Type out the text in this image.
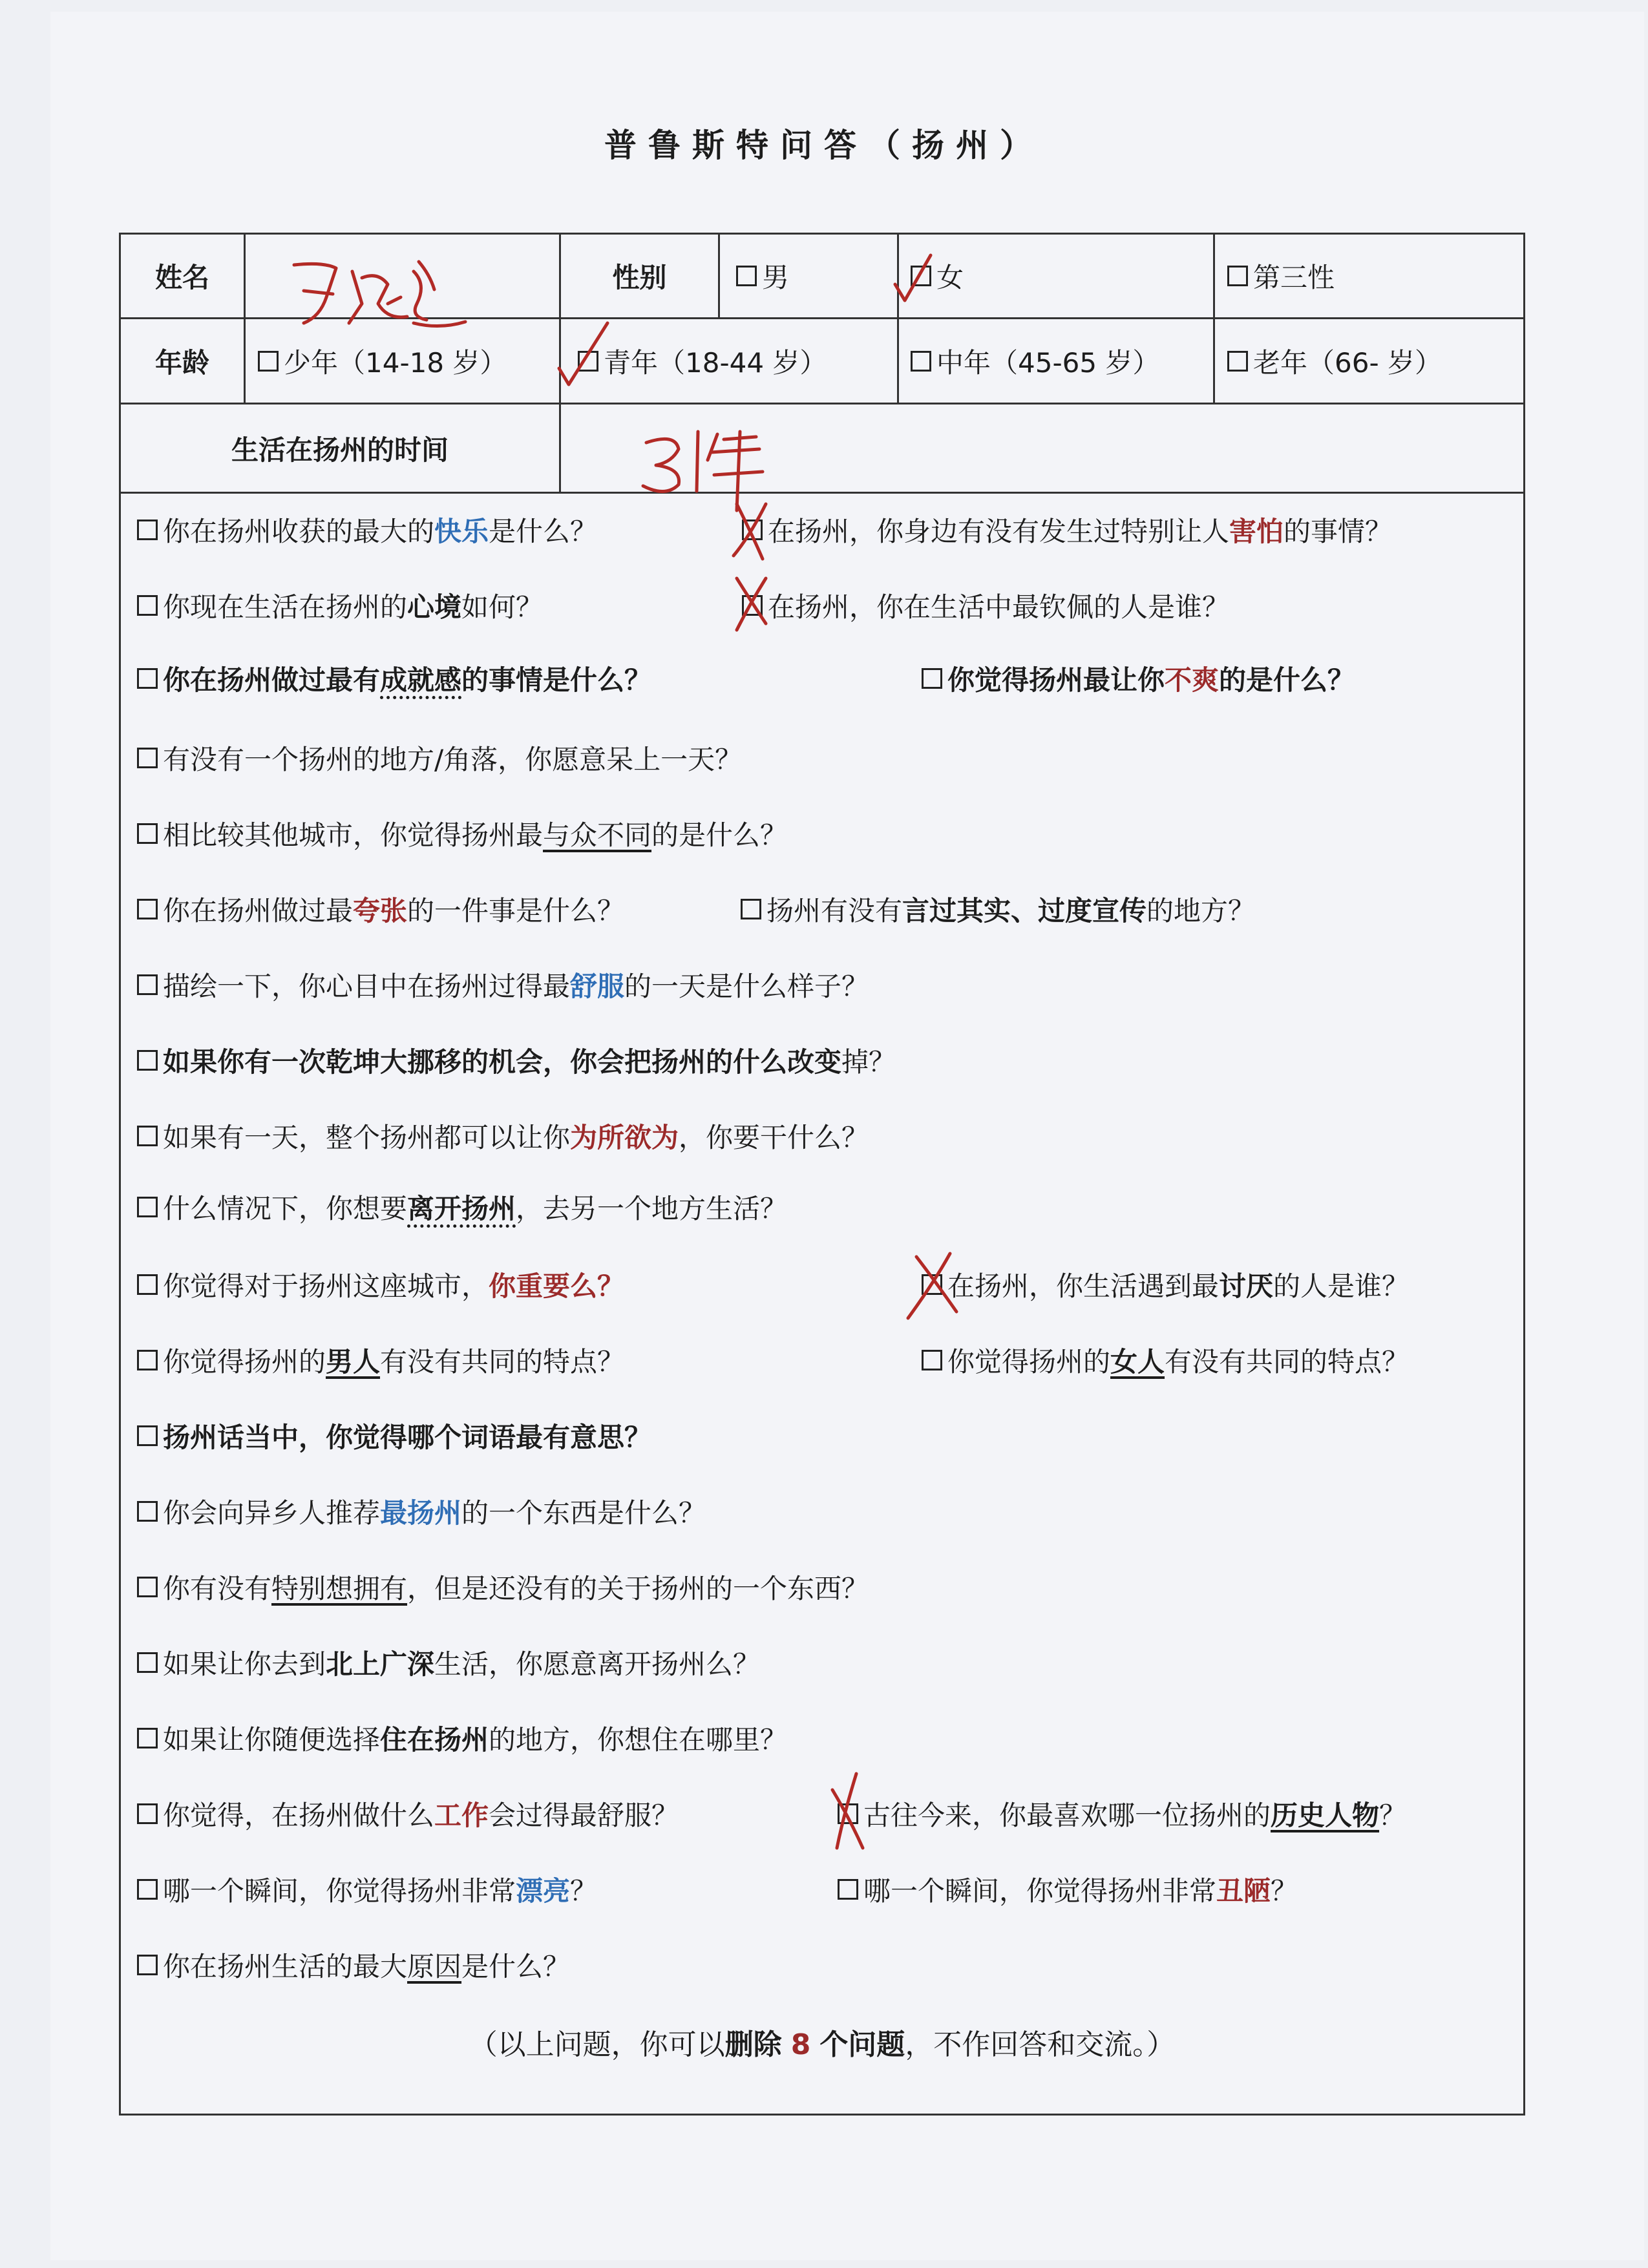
普鲁斯特问答（扬州）
姓名	性别	男	女	第三性
年龄	少年（14-18 岁）	青年（18-44 岁）	中年（45-65 岁）	老年（66- 岁）
生活在扬州的时间
你在扬州收获的最大的 快乐 是什么？	在扬州，你身边有没有发生过特别让人 害怕 的事情？
你现在生活在扬州的 心境 如何？	在扬州，你在生活中最钦佩的人是谁？
你在扬州做过最有 成就感 的事情是什么？	你觉得扬州最让你 不爽 的是什么？
有没有一个扬州的地方/角落，你愿意呆上一天？
相比较其他城市，你觉得扬州最 与众不同 的是什么？
你在扬州做过最 夸张 的一件事是什么？	扬州有没有 言过其实、过度宣传 的地方？
描绘一下，你心目中在扬州过得最 舒服 的一天是什么样子？
如果你有一次乾坤大挪移的机会，你会把扬州的什么 改变 掉？
如果有一天，整个扬州都可以让你 为所欲为 ，你要干什么？
什么情况下，你想要 离开扬州 ，去另一个地方生活？
你觉得对于扬州这座城市， 你重要么？	在扬州，你生活遇到最 讨厌 的人是谁？
你觉得扬州的 男人 有没有共同的特点？	你觉得扬州的 女人 有没有共同的特点？
扬州话 当中，你觉得哪个词语最有意思？
你会向异乡人推荐 最扬州 的一个东西是什么？
你有没有 特别想拥有 ，但是还没有的关于扬州的一个东西？
如果让你去到 北上广深 生活，你愿意离开扬州么？
如果让你随便选择 住在扬州 的地方，你想住在哪里？
你觉得，在扬州做什么 工作 会过得最舒服？	古往今来，你最喜欢哪一位扬州的 历史人物 ？
哪一个瞬间，你觉得扬州非常 漂亮 ？	哪一个瞬间，你觉得扬州非常 丑陋 ？
你在扬州生活的最大 原因 是什么？
（以上问题，你可以删除 8 个问题，不作回答和交流。）
